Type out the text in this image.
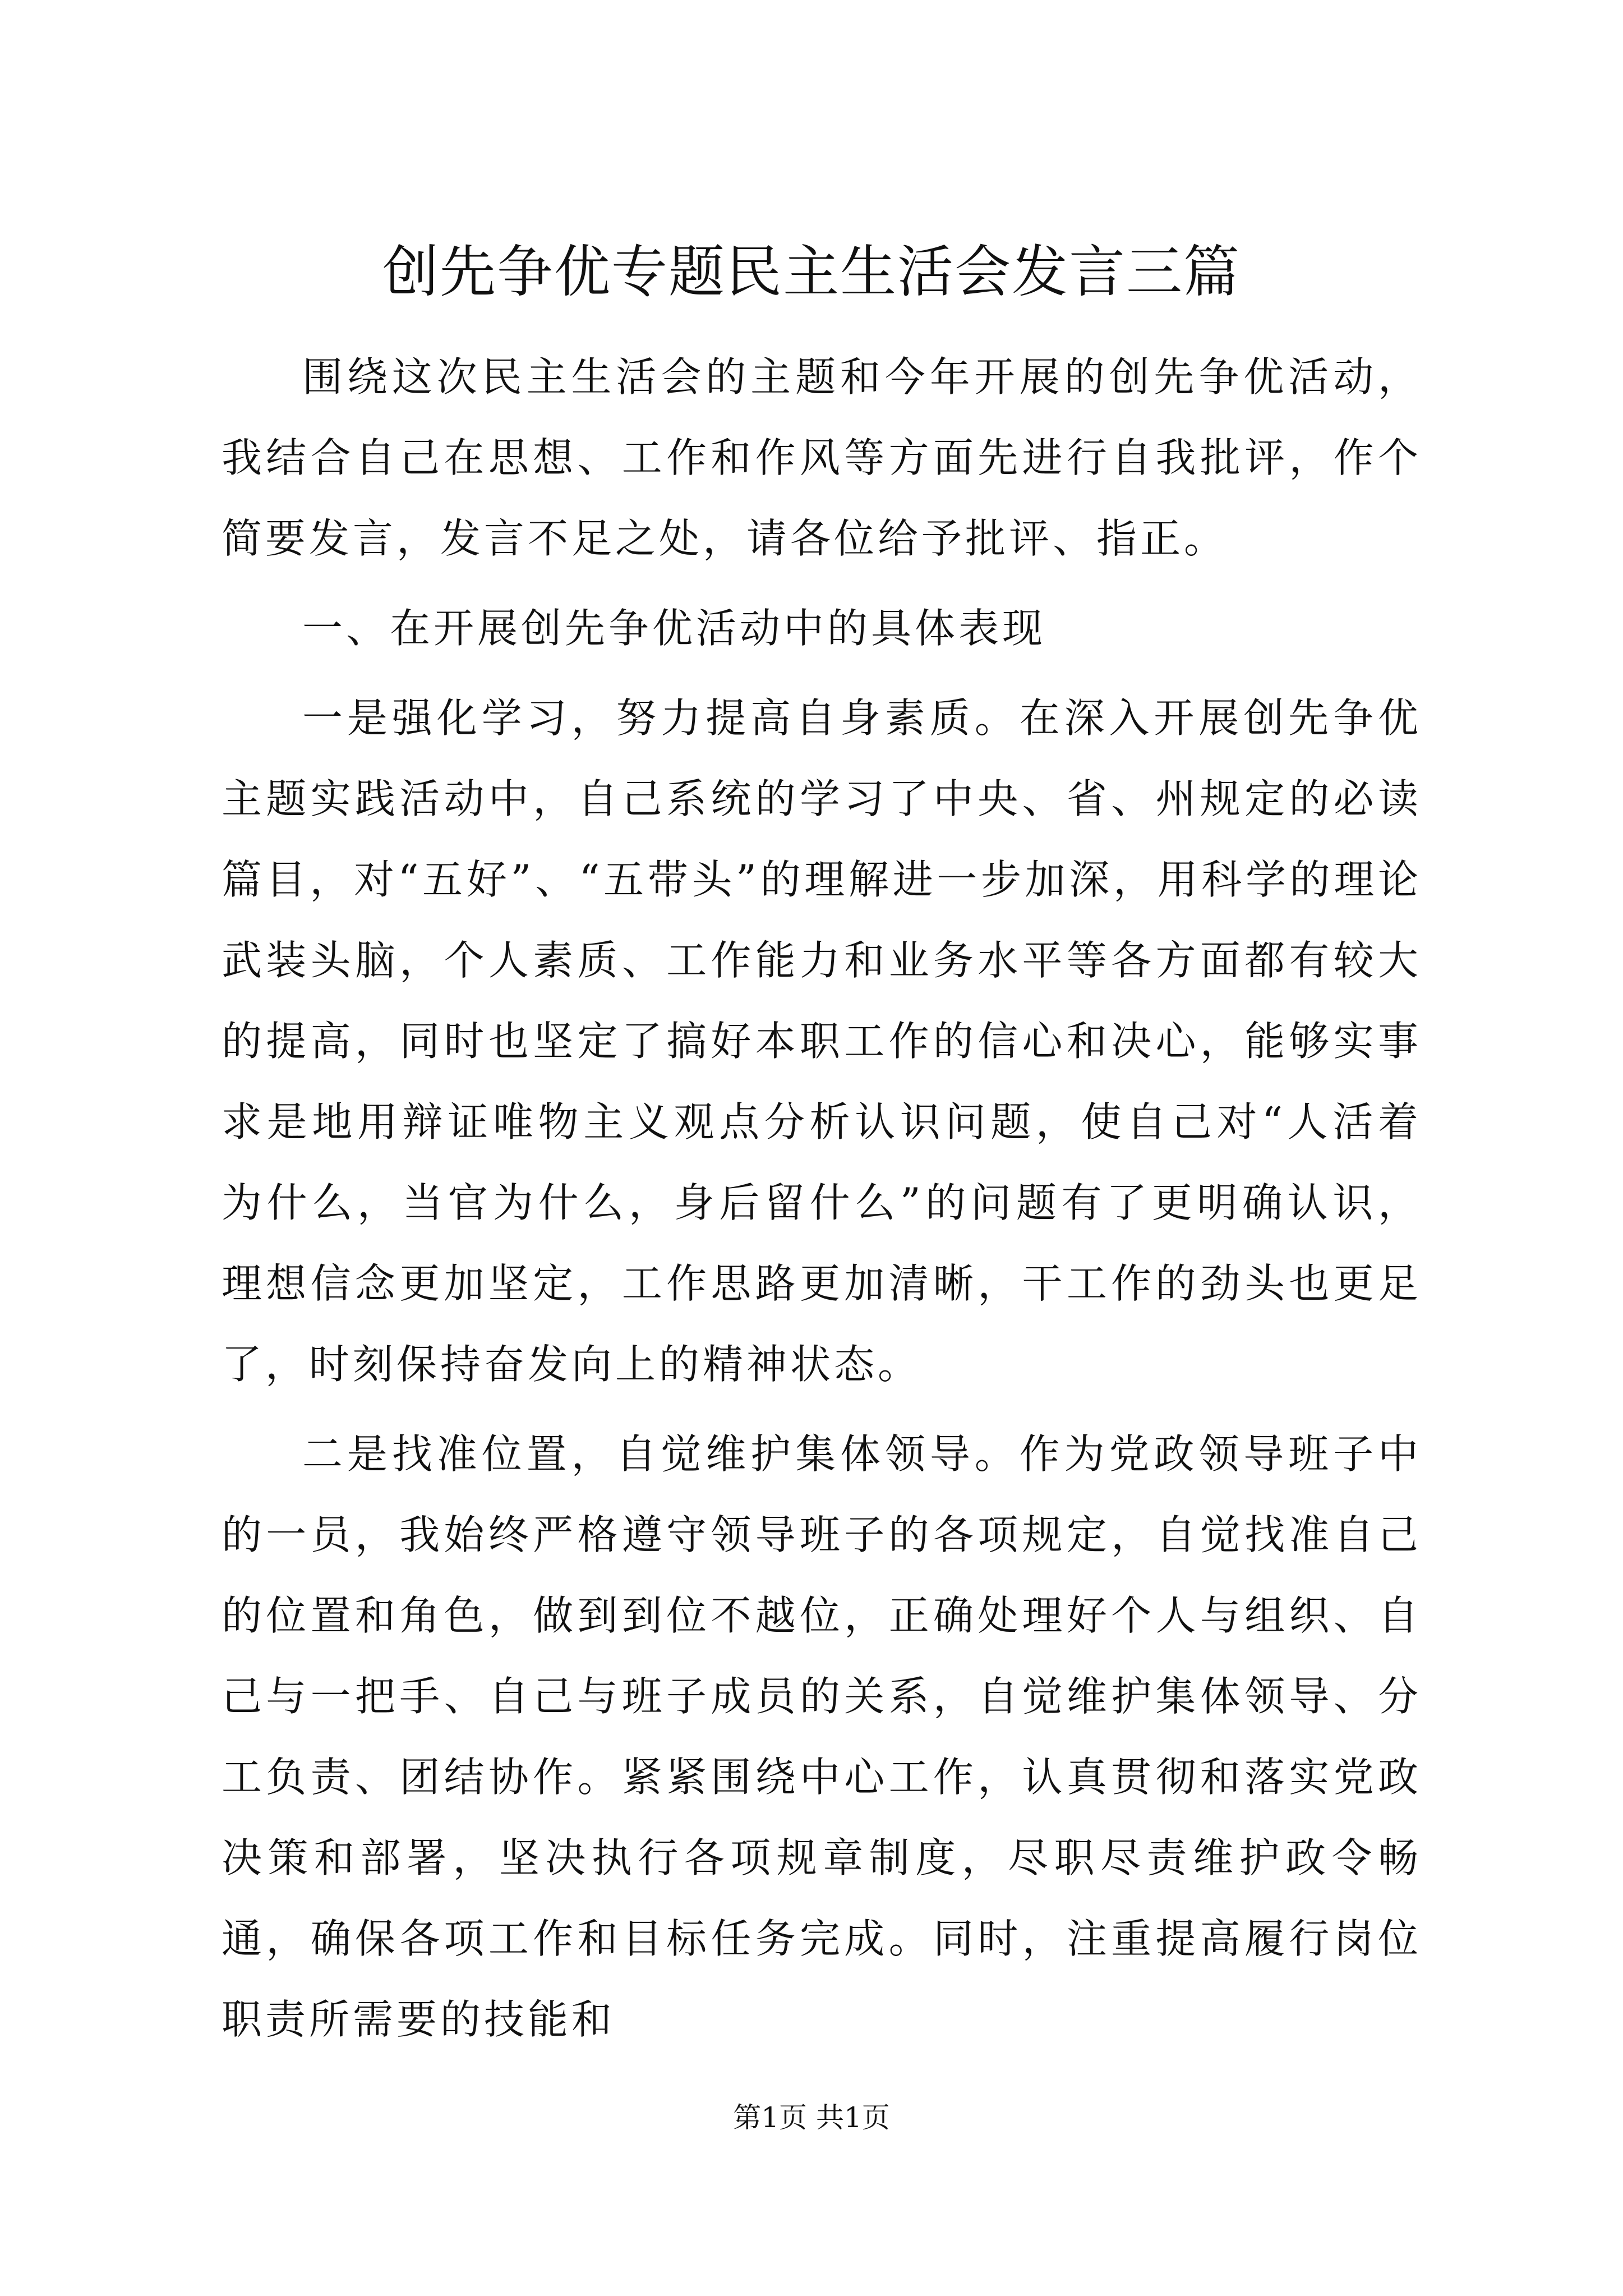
创先争优专题民主生活会发言三篇

围绕这次民主生活会的主题和今年开展的创先争优活动，我结合自己在思想、工作和作风等方面先进行自我批评，作个简要发言，发言不足之处，请各位给予批评、指正。

一、在开展创先争优活动中的具体表现

一是强化学习，努力提高自身素质。在深入开展创先争优主题实践活动中，自己系统的学习了中央、省、州规定的必读篇目，对“五好”、“五带头”的理解进一步加深，用科学的理论武装头脑，个人素质、工作能力和业务水平等各方面都有较大的提高，同时也坚定了搞好本职工作的信心和决心，能够实事求是地用辩证唯物主义观点分析认识问题，使自己对“人活着为什么，当官为什么，身后留什么”的问题有了更明确认识，理想信念更加坚定，工作思路更加清晰，干工作的劲头也更足了，时刻保持奋发向上的精神状态。

二是找准位置，自觉维护集体领导。作为党政领导班子中的一员，我始终严格遵守领导班子的各项规定，自觉找准自己的位置和角色，做到到位不越位，正确处理好个人与组织、自己与一把手、自己与班子成员的关系，自觉维护集体领导、分工负责、团结协作。紧紧围绕中心工作，认真贯彻和落实党政决策和部署，坚决执行各项规章制度，尽职尽责维护政令畅通，确保各项工作和目标任务完成。同时，注重提高履行岗位职责所需要的技能和

第1页 共1页
